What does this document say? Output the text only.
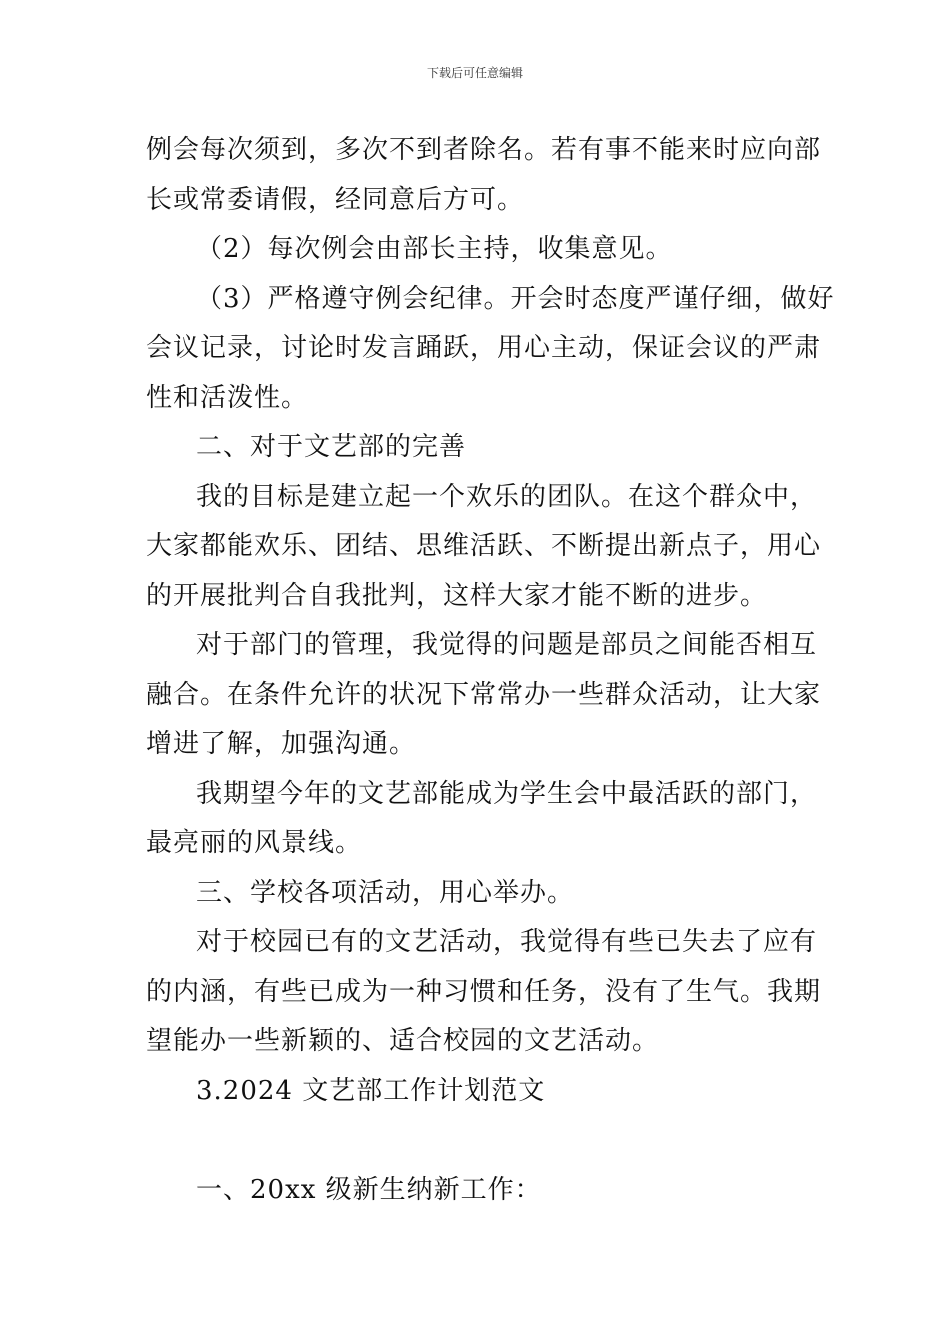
下载后可任意编辑

例会每次须到，多次不到者除名。若有事不能来时应向部

长或常委请假，经同意后方可。

（2）每次例会由部长主持，收集意见。

（3）严格遵守例会纪律。开会时态度严谨仔细，做好

会议记录，讨论时发言踊跃，用心主动，保证会议的严肃

性和活泼性。

二、对于文艺部的完善

我的目标是建立起一个欢乐的团队。在这个群众中，

大家都能欢乐、团结、思维活跃、不断提出新点子，用心

的开展批判合自我批判，这样大家才能不断的进步。

对于部门的管理，我觉得的问题是部员之间能否相互

融合。在条件允许的状况下常常办一些群众活动，让大家

增进了解，加强沟通。

我期望今年的文艺部能成为学生会中最活跃的部门，

最亮丽的风景线。

三、学校各项活动，用心举办。

对于校园已有的文艺活动，我觉得有些已失去了应有

的内涵，有些已成为一种习惯和任务，没有了生气。我期

望能办一些新颖的、适合校园的文艺活动。

3.2024 文艺部工作计划范文

一、20xx 级新生纳新工作：
